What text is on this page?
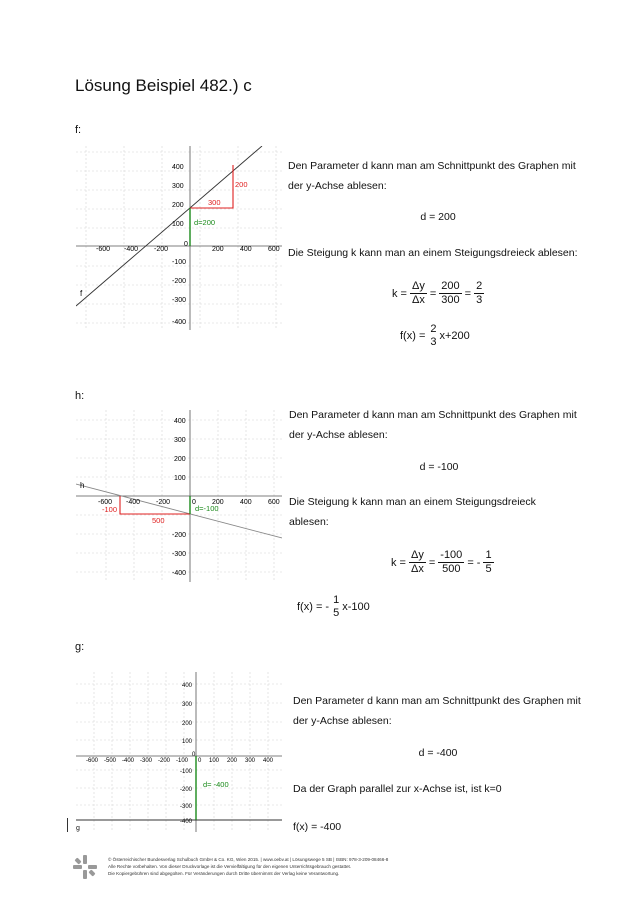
Lösung Beispiel 482.) c
f:
-600 -400 -200
0
200 400 600
400
300
200
100
-100
-200
-300
-400
d=200
300
200
f
Den Parameter d kann man am Schnittpunkt des Graphen mit der y-Achse ablesen:
d = 200
Die Steigung k kann man an einem Steigungsdreieck ablesen:
$k = \frac{\Delta y}{\Delta x} = \frac{200}{300} = \frac{2}{3}$
f(x) =
2
3 x+200
h:
-600 -400 -200	0 200 400 600
400
300
200
100
-200
-300
-400
d=-100
-100
500
h
Den Parameter d kann man am Schnittpunkt des Graphen mit der y-Achse ablesen:
d = -100
Die Steigung k kann man an einem Steigungsdreieck ablesen:
$k = \frac{\Delta y}{\Delta x} = \frac{-100}{500}$ = - $\frac{1}{5}$
f(x) = -
1
5 x-100
g:
-600 -500 -400 -300 -200 -100 0 100 200 300 400
400
300
200
100
0
-100
-200
-300
-400
d= -400
g
Den Parameter d kann man am Schnittpunkt des Graphen mit der y-Achse ablesen:
d = -400
Da der Graph parallel zur x-Achse ist, ist k=0
f(x) = -400
© Österreichischer Bundesverlag Schulbuch GmbH & Co. KG, Wien 2015. | www.oebv.at | Lösungswege 5 SB | ISBN: 978-3-209-08466-8
Alle Rechte vorbehalten. Von dieser Druckvorlage ist die Vervielfältigung für den eigenen Unterrichtsgebrauch gestattet.
Die Kopiergebühren sind abgegolten. Für Veränderungen durch Dritte übernimmt der Verlag keine Verantwortung.
